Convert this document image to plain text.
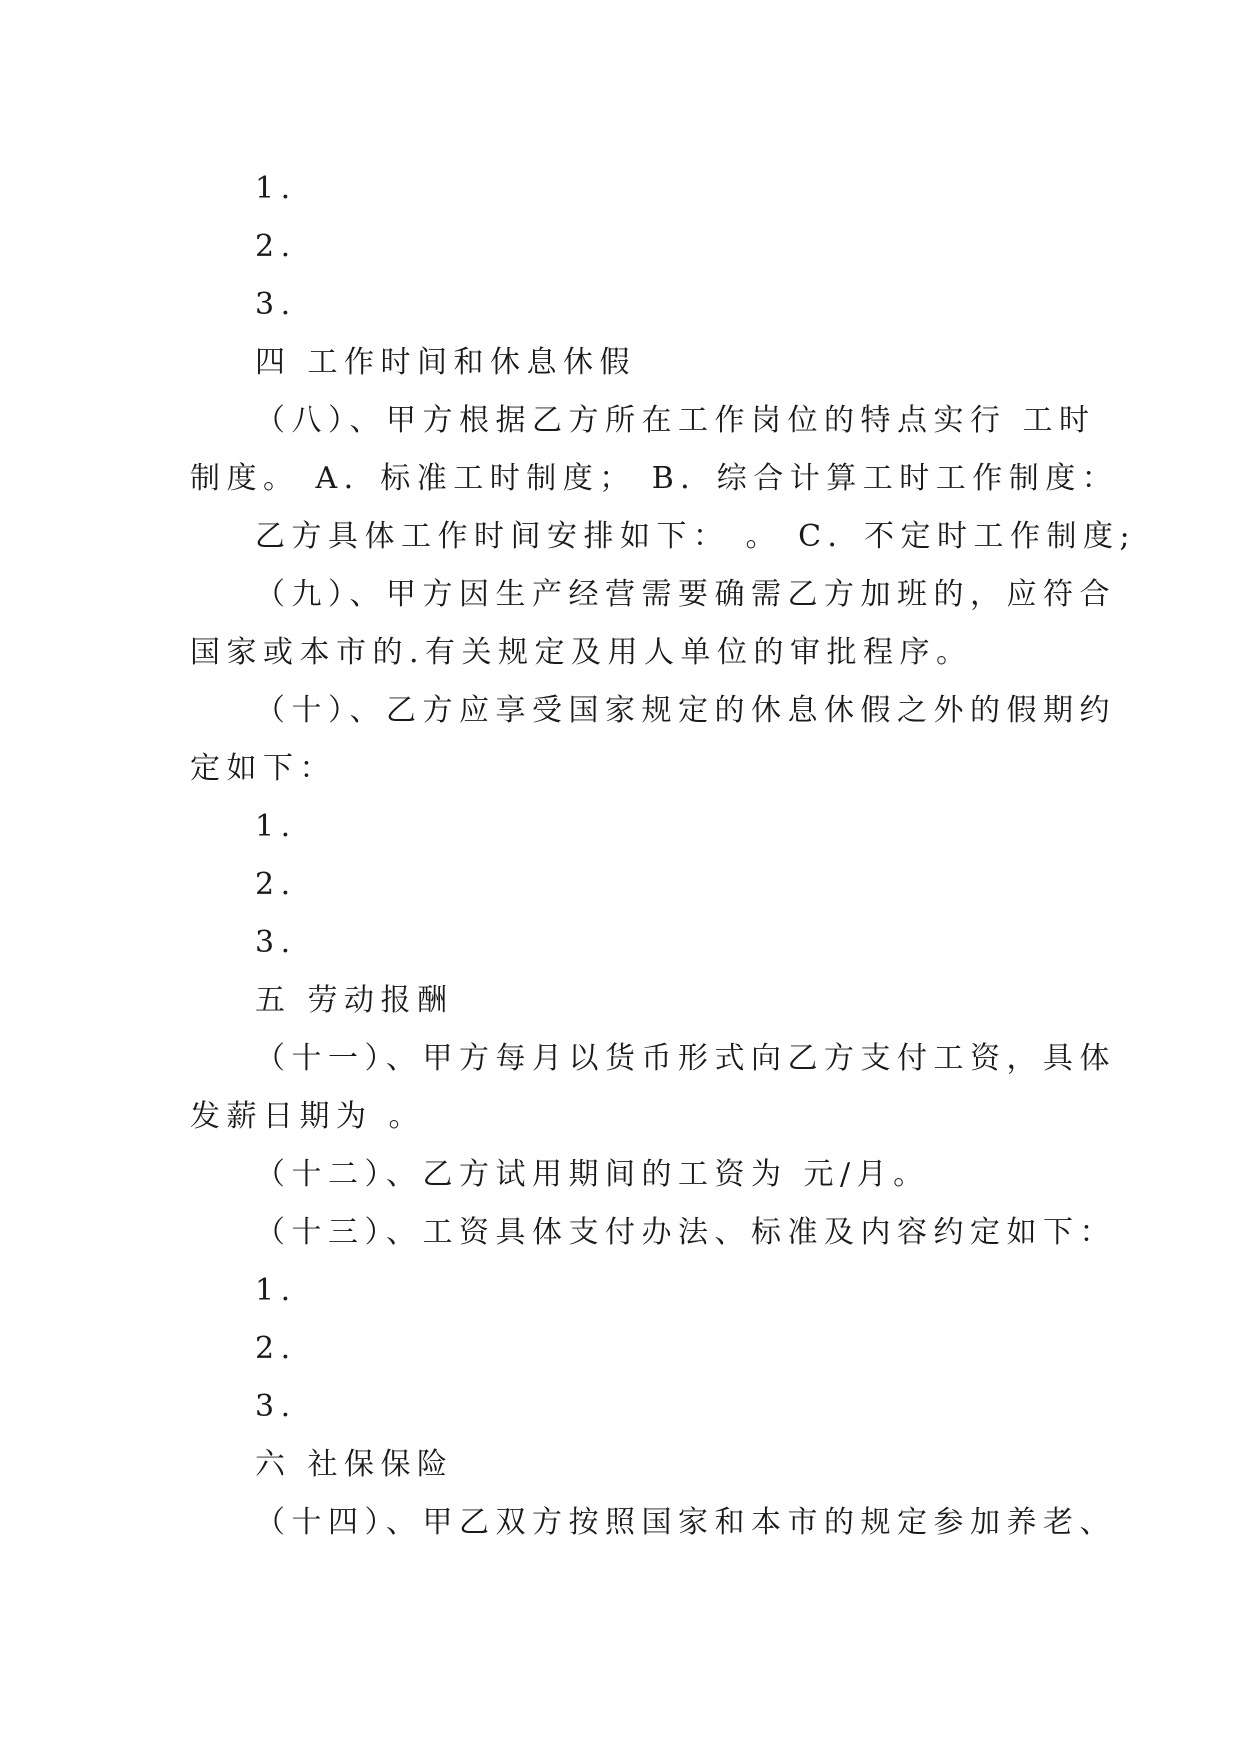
1.
2.
3.
四 工作时间和休息休假
（八）、甲方根据乙方所在工作岗位的特点实行 工时
制度。 A．标准工时制度； B．综合计算工时工作制度：
乙方具体工作时间安排如下： 。 C．不定时工作制度;
（九）、甲方因生产经营需要确需乙方加班的，应符合
国家或本市的.有关规定及用人单位的审批程序。
（十）、乙方应享受国家规定的休息休假之外的假期约
定如下：
1.
2.
3.
五 劳动报酬
（十一）、甲方每月以货币形式向乙方支付工资，具体
发薪日期为 。
（十二）、乙方试用期间的工资为 元/月。
（十三）、工资具体支付办法、标准及内容约定如下：
1.
2.
3.
六 社保保险
（十四）、甲乙双方按照国家和本市的规定参加养老、
